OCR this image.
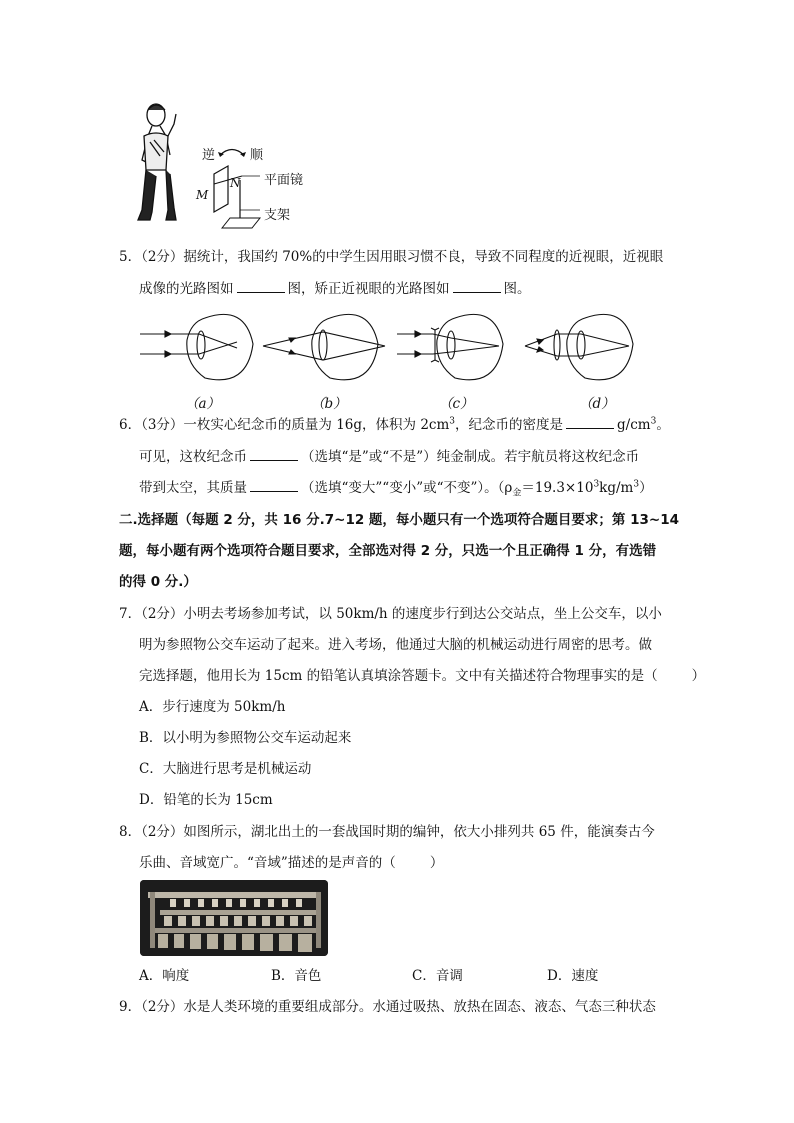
逆	顺
M
N 平面镜
支架
5．（2分）据统计，我国约 70%的中学生因用眼习惯不良，导致不同程度的近视眼，近视眼
成像的光路图如	图，矫正近视眼的光路图如	图。
（a）	（b）	（c）	（d）
6．（3分）一枚实心纪念币的质量为 16g，体积为 $2cm^3$，纪念币的密度是	$g/cm^3$。
可见，这枚纪念币	（选填“是”或“不是”）纯金制成。若宇航员将这枚纪念币
带到太空，其质量	（选填“变大”“变小”或“不变”）。$(\rho_金=19.3\times 10^3kg/m^3)$
二.选择题（每题 2 分，共 16 分.7~12 题，每小题只有一个选项符合题目要求；第 13~14
题，每小题有两个选项符合题目要求，全部选对得 2 分，只选一个且正确得 1 分，有选错
的得 0 分.）
7．（2分）小明去考场参加考试，以 50km/h 的速度步行到达公交站点，坐上公交车，以小
明为参照物公交车运动了起来。进入考场，他通过大脑的机械运动进行周密的思考。做
完选择题，他用长为 15cm 的铅笔认真填涂答题卡。文中有关描述符合物理事实的是（	）
A．步行速度为 50km/h
B．以小明为参照物公交车运动起来
C．大脑进行思考是机械运动
D．铅笔的长为 15cm
8．（2分）如图所示，湖北出土的一套战国时期的编钟，依大小排列共 65 件，能演奏古今
乐曲、音域宽广。“音域”描述的是声音的（	）
A．响度	B．音色	C．音调	D．速度
9．（2分）水是人类环境的重要组成部分。水通过吸热、放热在固态、液态、气态三种状态
